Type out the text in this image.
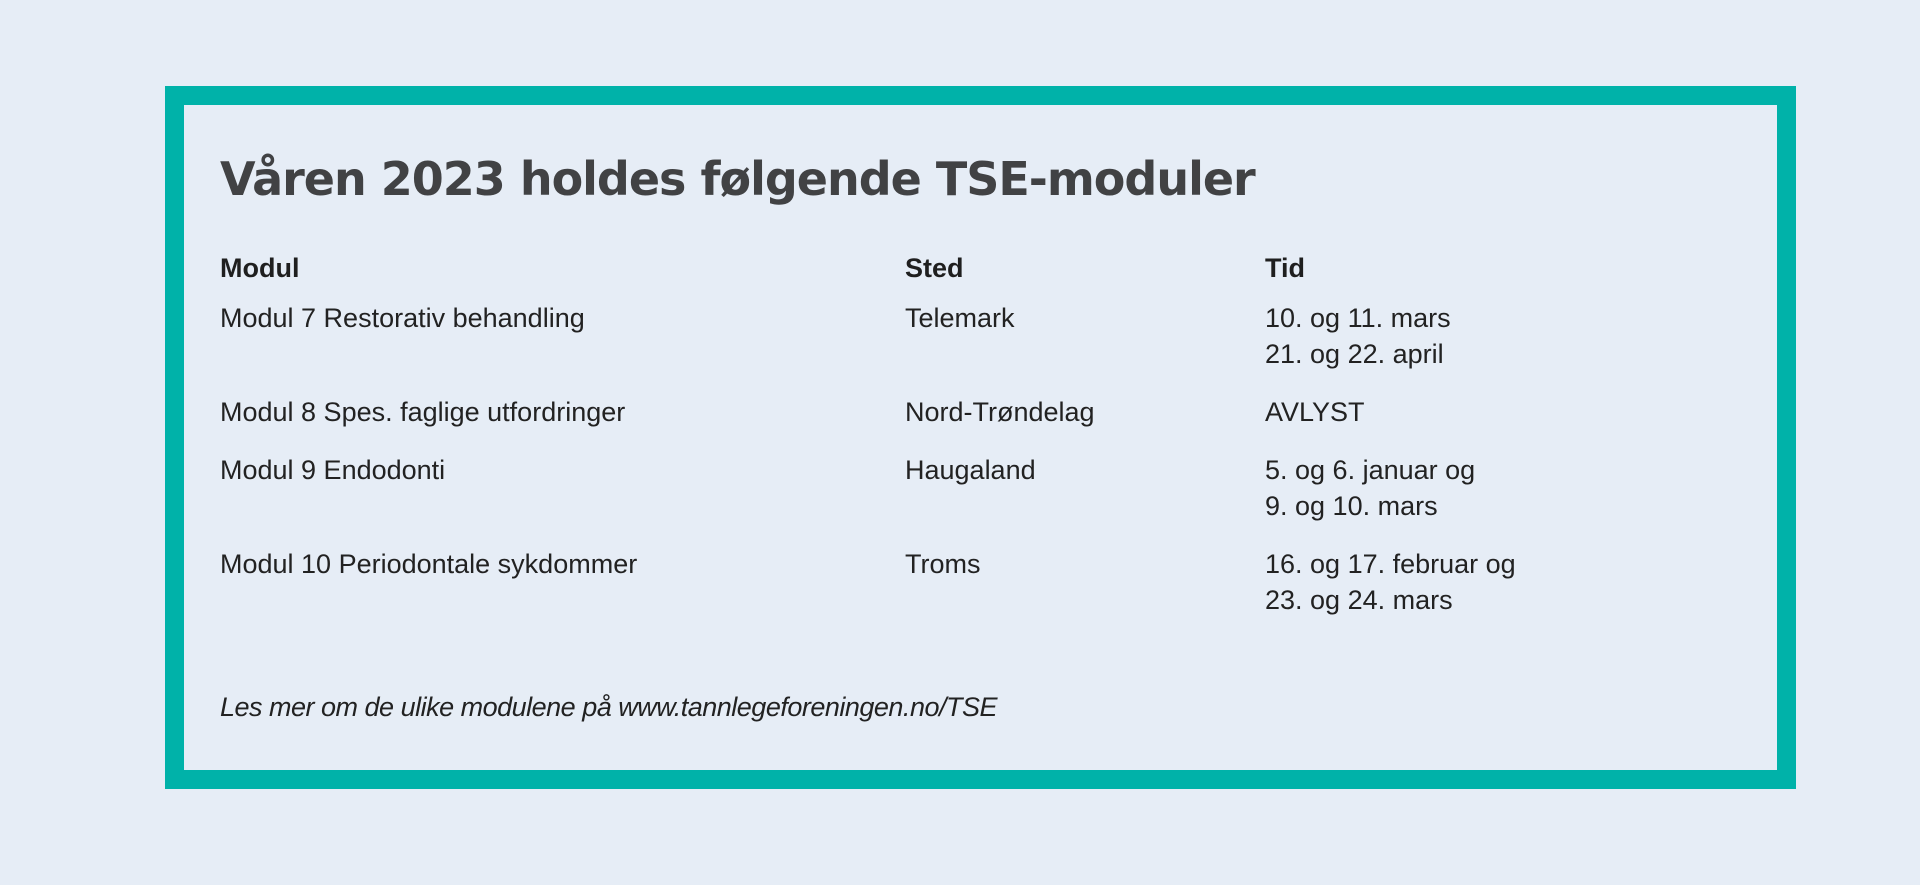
Våren 2023 holdes følgende TSE-moduler
Modul	Sted	Tid
Modul 7 Restorativ behandling	Telemark	10. og 11. mars
21. og 22. april
Modul 8 Spes. faglige utfordringer	Nord-Trøndelag	AVLYST
Modul 9 Endodonti	Haugaland	5. og 6. januar og
9. og 10. mars
Modul 10 Periodontale sykdommer	Troms	16. og 17. februar og
23. og 24. mars
Les mer om de ulike modulene på www.tannlegeforeningen.no/TSE
